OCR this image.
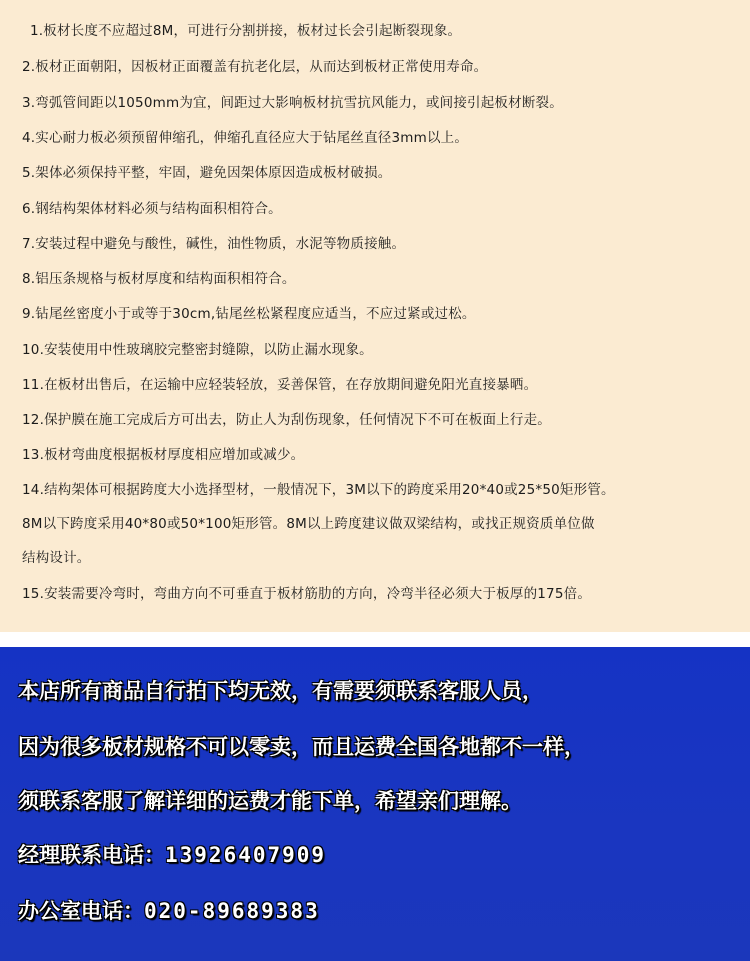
1.板材长度不应超过8M，可进行分割拼接，板材过长会引起断裂现象。
2.板材正面朝阳，因板材正面覆盖有抗老化层，从而达到板材正常使用寿命。
3.弯弧管间距以1050mm为宜，间距过大影响板材抗雪抗风能力，或间接引起板材断裂。
4.实心耐力板必须预留伸缩孔，伸缩孔直径应大于钻尾丝直径3mm以上。
5.架体必须保持平整，牢固，避免因架体原因造成板材破损。
6.钢结构架体材料必须与结构面积相符合。
7.安装过程中避免与酸性，碱性，油性物质，水泥等物质接触。
8.铝压条规格与板材厚度和结构面积相符合。
9.钻尾丝密度小于或等于30cm,钻尾丝松紧程度应适当，不应过紧或过松。
10.安装使用中性玻璃胶完整密封缝隙，以防止漏水现象。
11.在板材出售后，在运输中应轻装轻放，妥善保管，在存放期间避免阳光直接暴晒。
12.保护膜在施工完成后方可出去，防止人为刮伤现象，任何情况下不可在板面上行走。
13.板材弯曲度根据板材厚度相应增加或减少。
14.结构架体可根据跨度大小选择型材，一般情况下，3M以下的跨度采用20*40或25*50矩形管。
8M以下跨度采用40*80或50*100矩形管。8M以上跨度建议做双梁结构，或找正规资质单位做
结构设计。
15.安装需要冷弯时，弯曲方向不可垂直于板材筋肋的方向，冷弯半径必须大于板厚的175倍。
本店所有商品自行拍下均无效，有需要须联系客服人员，
因为很多板材规格不可以零卖，而且运费全国各地都不一样，
须联系客服了解详细的运费才能下单，希望亲们理解。
经理联系电话：13926407909
办公室电话：020-89689383
